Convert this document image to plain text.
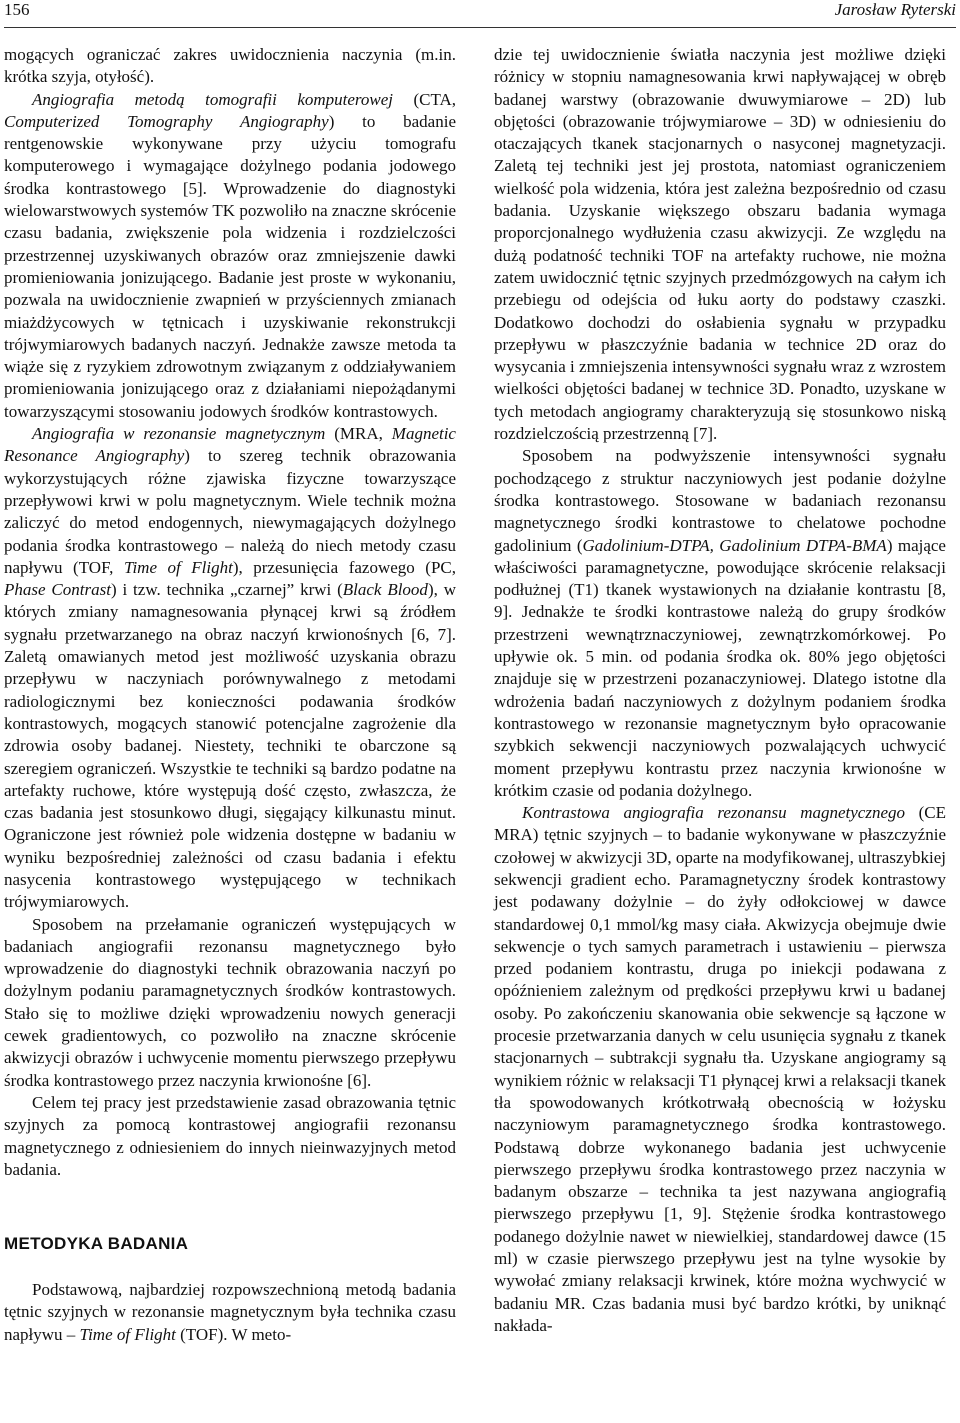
156	Jarosław Ryterski

mogących ograniczać zakres uwidocznienia naczynia (m.in. krótka szyja, otyłość).

Angiografia metodą tomografii komputerowej (CTA, Computerized Tomography Angiography) to badanie rentgenowskie wykonywane przy użyciu tomografu komputerowego i wymagające dożylnego podania jodowego środka kontrastowego [5]. Wprowadzenie do diagnostyki wielowarstwowych systemów TK pozwoliło na znaczne skrócenie czasu badania, zwiększenie pola widzenia i rozdzielczości przestrzennej uzyskiwanych obrazów oraz zmniejszenie dawki promieniowania jonizującego. Badanie jest proste w wykonaniu, pozwala na uwidocznienie zwapnień w przyściennych zmianach miażdżycowych w tętnicach i uzyskiwanie rekonstrukcji trójwymiarowych badanych naczyń. Jednakże zawsze metoda ta wiąże się z ryzykiem zdrowotnym związanym z oddziaływaniem promieniowania jonizującego oraz z działaniami niepożądanymi towarzyszącymi stosowaniu jodowych środków kontrastowych.

Angiografia w rezonansie magnetycznym (MRA, Magnetic Resonance Angiography) to szereg technik obrazowania wykorzystujących różne zjawiska fizyczne towarzyszące przepływowi krwi w polu magnetycznym. Wiele technik można zaliczyć do metod endogennych, niewymagających dożylnego podania środka kontrastowego – należą do niech metody czasu napływu (TOF, Time of Flight), przesunięcia fazowego (PC, Phase Contrast) i tzw. technika „czarnej” krwi (Black Blood), w których zmiany namagnesowania płynącej krwi są źródłem sygnału przetwarzanego na obraz naczyń krwionośnych [6, 7]. Zaletą omawianych metod jest możliwość uzyskania obrazu przepływu w naczyniach porównywalnego z metodami radiologicznymi bez konieczności podawania środków kontrastowych, mogących stanowić potencjalne zagrożenie dla zdrowia osoby badanej. Niestety, techniki te obarczone są szeregiem ograniczeń. Wszystkie te techniki są bardzo podatne na artefakty ruchowe, które występują dość często, zwłaszcza, że czas badania jest stosunkowo długi, sięgający kilkunastu minut. Ograniczone jest również pole widzenia dostępne w badaniu w wyniku bezpośredniej zależności od czasu badania i efektu nasycenia kontrastowego występującego w technikach trójwymiarowych.

Sposobem na przełamanie ograniczeń występujących w badaniach angiografii rezonansu magnetycznego było wprowadzenie do diagnostyki technik obrazowania naczyń po dożylnym podaniu paramagnetycznych środków kontrastowych. Stało się to możliwe dzięki wprowadzeniu nowych generacji cewek gradientowych, co pozwoliło na znaczne skrócenie akwizycji obrazów i uchwycenie momentu pierwszego przepływu środka kontrastowego przez naczynia krwionośne [6].

Celem tej pracy jest przedstawienie zasad obrazowania tętnic szyjnych za pomocą kontrastowej angiografii rezonansu magnetycznego z odniesieniem do innych nieinwazyjnych metod badania.

METODYKA BADANIA

Podstawową, najbardziej rozpowszechnioną metodą badania tętnic szyjnych w rezonansie magnetycznym była technika czasu napływu – Time of Flight (TOF). W meto-

dzie tej uwidocznienie światła naczynia jest możliwe dzięki różnicy w stopniu namagnesowania krwi napływającej w obręb badanej warstwy (obrazowanie dwuwymiarowe – 2D) lub objętości (obrazowanie trójwymiarowe – 3D) w odniesieniu do otaczających tkanek stacjonarnych o nasyconej magnetyzacji. Zaletą tej techniki jest jej prostota, natomiast ograniczeniem wielkość pola widzenia, która jest zależna bezpośrednio od czasu badania. Uzyskanie większego obszaru badania wymaga proporcjonalnego wydłużenia czasu akwizycji. Ze względu na dużą podatność techniki TOF na artefakty ruchowe, nie można zatem uwidocznić tętnic szyjnych przedmózgowych na całym ich przebiegu od odejścia od łuku aorty do podstawy czaszki. Dodatkowo dochodzi do osłabienia sygnału w przypadku przepływu w płaszczyźnie badania w technice 2D oraz do wysycania i zmniejszenia intensywności sygnału wraz z wzrostem wielkości objętości badanej w technice 3D. Ponadto, uzyskane w tych metodach angiogramy charakteryzują się stosunkowo niską rozdzielczością przestrzenną [7].

Sposobem na podwyższenie intensywności sygnału pochodzącego z struktur naczyniowych jest podanie dożylne środka kontrastowego. Stosowane w badaniach rezonansu magnetycznego środki kontrastowe to chelatowe pochodne gadolinium (Gadolinium-DTPA, Gadolinium DTPA-BMA) mające właściwości paramagnetyczne, powodujące skrócenie relaksacji podłużnej (T1) tkanek wystawionych na działanie kontrastu [8, 9]. Jednakże te środki kontrastowe należą do grupy środków przestrzeni wewnątrznaczyniowej, zewnątrzkomórkowej. Po upływie ok. 5 min. od podania środka ok. 80% jego objętości znajduje się w przestrzeni pozanaczyniowej. Dlatego istotne dla wdrożenia badań naczyniowych z dożylnym podaniem środka kontrastowego w rezonansie magnetycznym było opracowanie szybkich sekwencji naczyniowych pozwalających uchwycić moment przepływu kontrastu przez naczynia krwionośne w krótkim czasie od podania dożylnego.

Kontrastowa angiografia rezonansu magnetycznego (CE MRA) tętnic szyjnych – to badanie wykonywane w płaszczyźnie czołowej w akwizycji 3D, oparte na modyfikowanej, ultraszybkiej sekwencji gradient echo. Paramagnetyczny środek kontrastowy jest podawany dożylnie – do żyły odłokciowej w dawce standardowej 0,1 mmol/kg masy ciała. Akwizycja obejmuje dwie sekwencje o tych samych parametrach i ustawieniu – pierwsza przed podaniem kontrastu, druga po iniekcji podawana z opóźnieniem zależnym od prędkości przepływu krwi u badanej osoby. Po zakończeniu skanowania obie sekwencje są łączone w procesie przetwarzania danych w celu usunięcia sygnału z tkanek stacjonarnych – subtrakcji sygnału tła. Uzyskane angiogramy są wynikiem różnic w relaksacji T1 płynącej krwi a relaksacji tkanek tła spowodowanych krótkotrwałą obecnością w łożysku naczyniowym paramagnetycznego środka kontrastowego. Podstawą dobrze wykonanego badania jest uchwycenie pierwszego przepływu środka kontrastowego przez naczynia w badanym obszarze – technika ta jest nazywana angiografią pierwszego przepływu [1, 9]. Stężenie środka kontrastowego podanego dożylnie nawet w niewielkiej, standardowej dawce (15 ml) w czasie pierwszego przepływu jest na tylne wysokie by wywołać zmiany relaksacji krwinek, które można wychwycić w badaniu MR. Czas badania musi być bardzo krótki, by uniknąć nakłada-
